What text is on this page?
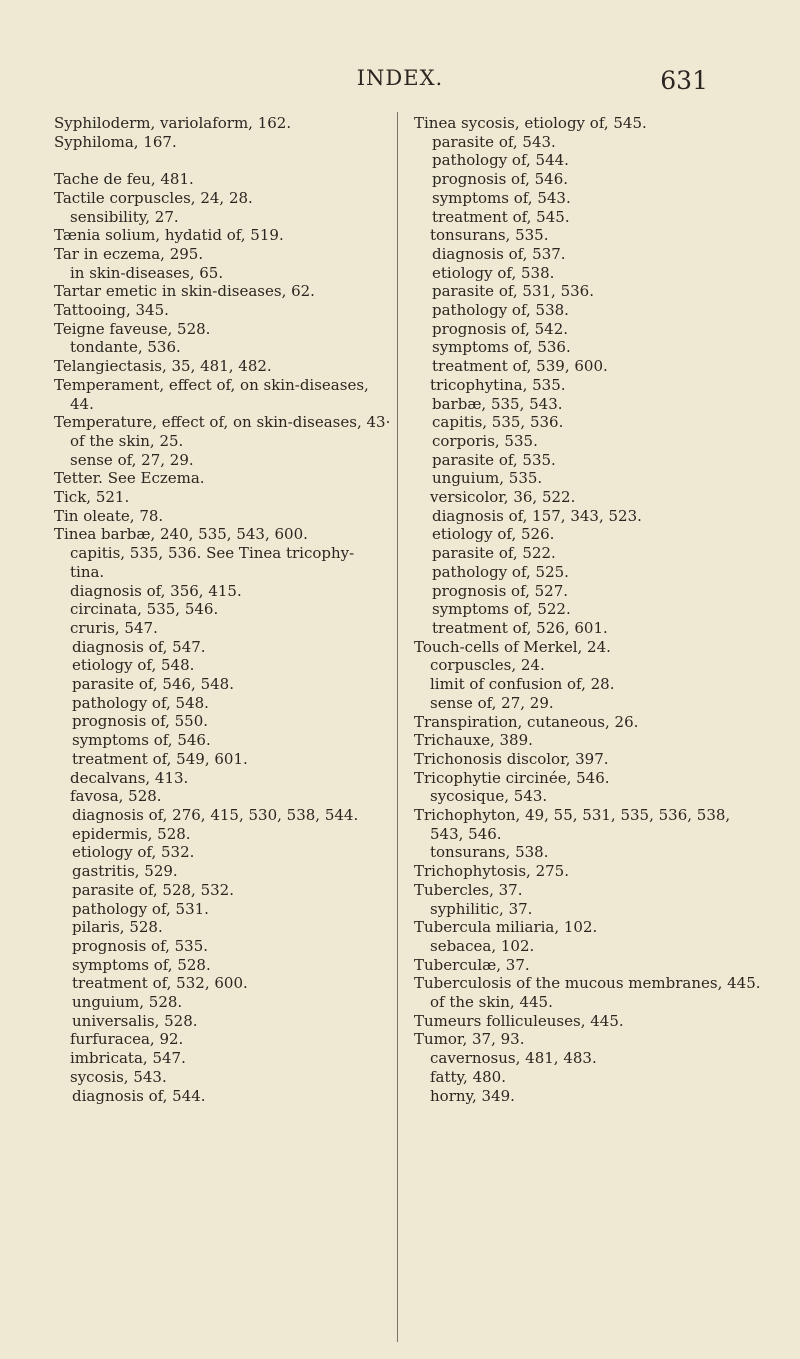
INDEX.	631
Syphiloderm, variolaform, 162.
Syphiloma, 167.
Tache de feu, 481.
Tactile corpuscles, 24, 28.
sensibility, 27.
Tænia solium, hydatid of, 519.
Tar in eczema, 295.
in skin-diseases, 65.
Tartar emetic in skin-diseases, 62.
Tattooing, 345.
Teigne faveuse, 528.
tondante, 536.
Telangiectasis, 35, 481, 482.
Temperament, effect of, on skin-diseases,
44.
Temperature, effect of, on skin-diseases, 43·
of the skin, 25.
sense of, 27, 29.
Tetter. See Eczema.
Tick, 521.
Tin oleate, 78.
Tinea barbæ, 240, 535, 543, 600.
capitis, 535, 536. See Tinea tricophy-
tina.
diagnosis of, 356, 415.
circinata, 535, 546.
cruris, 547.
diagnosis of, 547.
etiology of, 548.
parasite of, 546, 548.
pathology of, 548.
prognosis of, 550.
symptoms of, 546.
treatment of, 549, 601.
decalvans, 413.
favosa, 528.
diagnosis of, 276, 415, 530, 538, 544.
epidermis, 528.
etiology of, 532.
gastritis, 529.
parasite of, 528, 532.
pathology of, 531.
pilaris, 528.
prognosis of, 535.
symptoms of, 528.
treatment of, 532, 600.
unguium, 528.
universalis, 528.
furfuracea, 92.
imbricata, 547.
sycosis, 543.
diagnosis of, 544.
Tinea sycosis, etiology of, 545.
parasite of, 543.
pathology of, 544.
prognosis of, 546.
symptoms of, 543.
treatment of, 545.
tonsurans, 535.
diagnosis of, 537.
etiology of, 538.
parasite of, 531, 536.
pathology of, 538.
prognosis of, 542.
symptoms of, 536.
treatment of, 539, 600.
tricophytina, 535.
barbæ, 535, 543.
capitis, 535, 536.
corporis, 535.
parasite of, 535.
unguium, 535.
versicolor, 36, 522.
diagnosis of, 157, 343, 523.
etiology of, 526.
parasite of, 522.
pathology of, 525.
prognosis of, 527.
symptoms of, 522.
treatment of, 526, 601.
Touch-cells of Merkel, 24.
corpuscles, 24.
limit of confusion of, 28.
sense of, 27, 29.
Transpiration, cutaneous, 26.
Trichauxe, 389.
Trichonosis discolor, 397.
Tricophytie circinée, 546.
sycosique, 543.
Trichophyton, 49, 55, 531, 535, 536, 538,
543, 546.
tonsurans, 538.
Trichophytosis, 275.
Tubercles, 37.
syphilitic, 37.
Tubercula miliaria, 102.
sebacea, 102.
Tuberculæ, 37.
Tuberculosis of the mucous membranes, 445.
of the skin, 445.
Tumeurs folliculeuses, 445.
Tumor, 37, 93.
cavernosus, 481, 483.
fatty, 480.
horny, 349.
